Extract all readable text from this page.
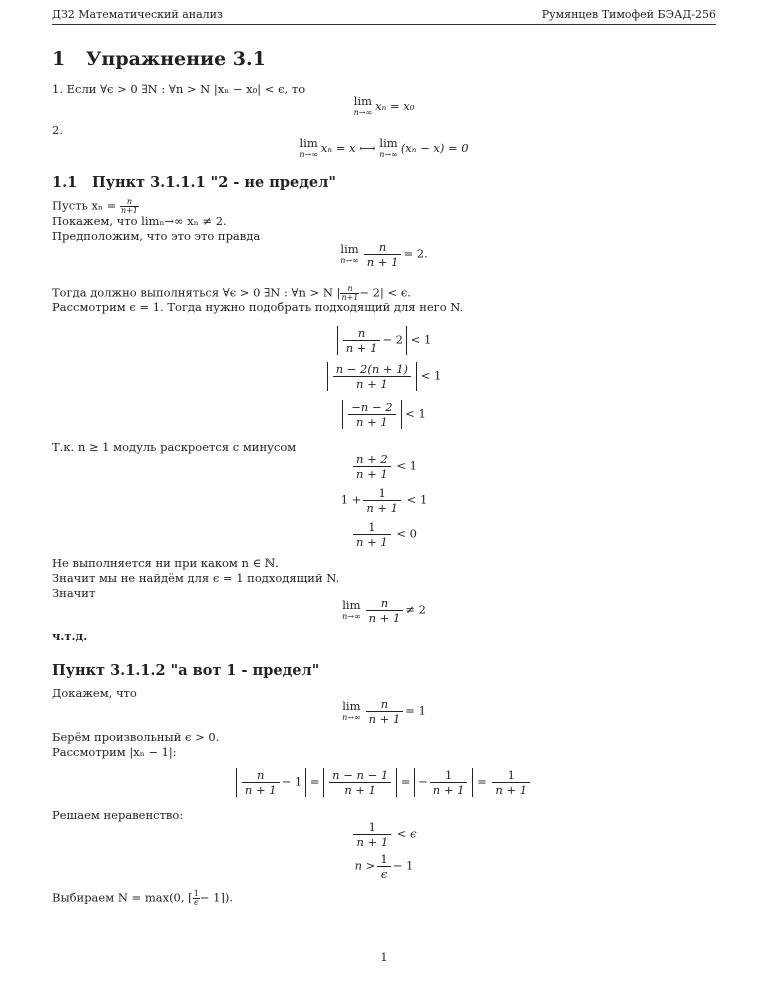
ДЗ2 Математический анализ	Румянцев Тимофей БЭАД-256
1 Упражнение 3.1
1. Если ∀ϵ > 0 ∃N : ∀n > N |xₙ − x₀| < ϵ, то
lim
n→∞ xₙ = x₀
2.
lim
n→∞ xₙ = x ⟷ lim
n→∞ (xₙ − x) = 0
1.1 Пункт 3.1.1.1 "2 - не предел"
Пусть $x_n = \frac{n}{n+1}$
Покажем, что limₙ→∞ xₙ ≠ 2.
Предположим, что это это правда
lim
$n\to\infty \frac{n}{n + 1} = 2$.
Тогда должно выполняться ∀ϵ > 0 ∃N : ∀n > N | $\frac{n}{n+1} - 2| < \epsilon$.
Рассмотрим ϵ = 1. Тогда нужно подобрать подходящий для него N.
$\frac{n}{n + 1} - 2 < 1$
$\frac{n - 2(n + 1)}{n + 1} < 1$
$\frac{-n - 2}{n + 1} < 1$
Т.к. n ≥ 1 модуль раскроется с минусом
$\frac{n + 2}{n + 1} < 1$
$1 + \frac{1}{n + 1} < 1$
$\frac{1}{n + 1} < 0$
Не выполняется ни при каком n ∈ ℕ.
Значит мы не найдём для ϵ = 1 подходящий N.
Значит
lim
$n\to\infty \frac{n}{n + 1} \ne 2$
ч.т.д.
Пункт 3.1.1.2 "а вот 1 - предел"
Докажем, что
lim
$n\to\infty \frac{n}{n + 1} = 1$
Берём произвольный ϵ > 0.
Рассмотрим |xₙ − 1|:
$\frac{n}{n + 1} - 1 = \frac{n - n - 1}{n + 1}$ = − $\frac{1}{n + 1} = \frac{1}{n + 1}$
Решаем неравенство:
$\frac{1}{n + 1} < \epsilon$
$n > \frac{1}{\epsilon} - 1$
Выбираем N = max(0, ⌈ $\frac{1}{\epsilon}$ − 1⌉).
1
